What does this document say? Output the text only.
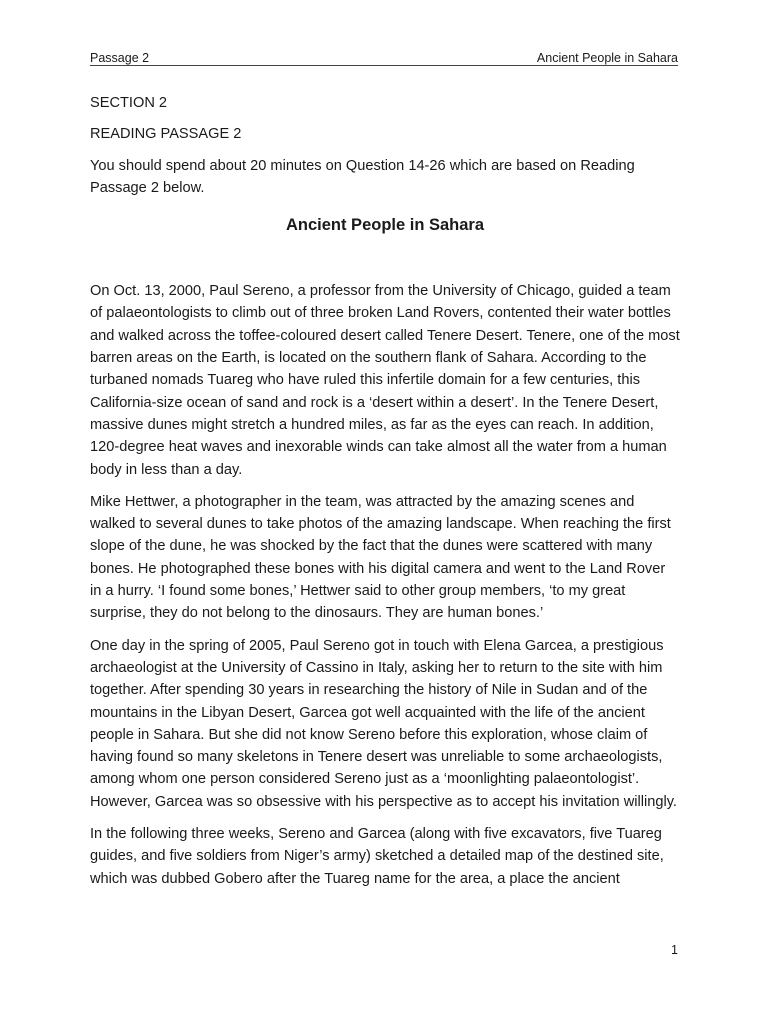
Passage 2	Ancient People in Sahara

SECTION 2

READING PASSAGE 2

You should spend about 20 minutes on Question 14-26 which are based on Reading Passage 2 below.

Ancient People in Sahara

On Oct. 13, 2000, Paul Sereno, a professor from the University of Chicago, guided a team of palaeontologists to climb out of three broken Land Rovers, contented their water bottles and walked across the toffee-coloured desert called Tenere Desert. Tenere, one of the most barren areas on the Earth, is located on the southern flank of Sahara. According to the turbaned nomads Tuareg who have ruled this infertile domain for a few centuries, this California-size ocean of sand and rock is a ‘desert within a desert’. In the Tenere Desert, massive dunes might stretch a hundred miles, as far as the eyes can reach. In addition, 120-degree heat waves and inexorable winds can take almost all the water from a human body in less than a day.

Mike Hettwer, a photographer in the team, was attracted by the amazing scenes and walked to several dunes to take photos of the amazing landscape. When reaching the first slope of the dune, he was shocked by the fact that the dunes were scattered with many bones. He photographed these bones with his digital camera and went to the Land Rover in a hurry. ‘I found some bones,’ Hettwer said to other group members, ‘to my great surprise, they do not belong to the dinosaurs. They are human bones.’

One day in the spring of 2005, Paul Sereno got in touch with Elena Garcea, a prestigious archaeologist at the University of Cassino in Italy, asking her to return to the site with him together. After spending 30 years in researching the history of Nile in Sudan and of the mountains in the Libyan Desert, Garcea got well acquainted with the life of the ancient people in Sahara. But she did not know Sereno before this exploration, whose claim of having found so many skeletons in Tenere desert was unreliable to some archaeologists, among whom one person considered Sereno just as a ‘moonlighting palaeontologist’. However, Garcea was so obsessive with his perspective as to accept his invitation willingly.

In the following three weeks, Sereno and Garcea (along with five excavators, five Tuareg guides, and five soldiers from Niger’s army) sketched a detailed map of the destined site, which was dubbed Gobero after the Tuareg name for the area, a place the ancient

1
